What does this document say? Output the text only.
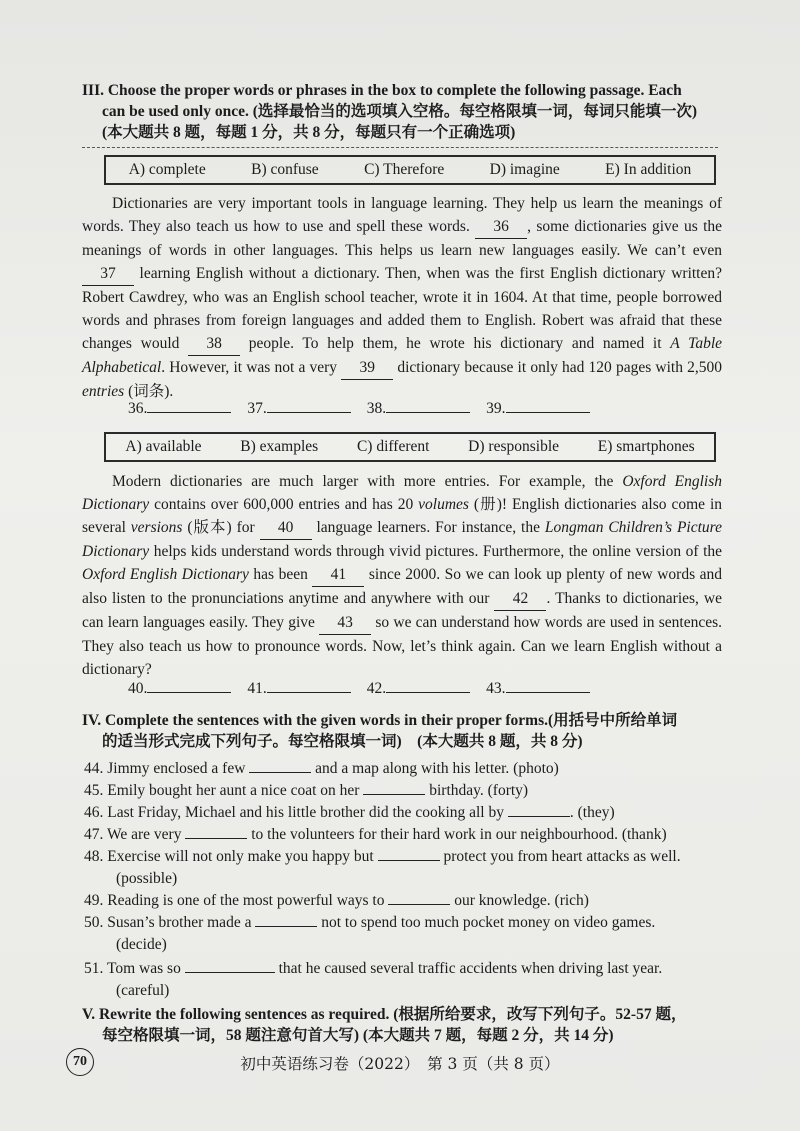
III. Choose the proper words or phrases in the box to complete the following passage. Each
can be used only once. (选择最恰当的选项填入空格。每空格限填一词，每词只能填一次)
(本大题共 8 题，每题 1 分，共 8 分，每题只有一个正确选项)
A) complete	B) confuse	C) Therefore	D) imagine	E) In addition
Dictionaries are very important tools in language learning. They help us learn the meanings of words. They also teach us how to use and spell these words. 36 , some dictionaries give us the meanings of words in other languages. This helps us learn new languages easily. We can’t even 37 learning English without a dictionary. Then, when was the first English dictionary written? Robert Cawdrey, who was an English school teacher, wrote it in 1604. At that time, people borrowed words and phrases from foreign languages and added them to English. Robert was afraid that these changes would 38 people. To help them, he wrote his dictionary and named it A Table Alphabetical. However, it was not a very 39 dictionary because it only had 120 pages with 2,500 entries (词条).
36.	37.	38.	39.
A) available	B) examples	C) different	D) responsible	E) smartphones
Modern dictionaries are much larger with more entries. For example, the Oxford English Dictionary contains over 600,000 entries and has 20 volumes (册)! English dictionaries also come in several versions (版本) for 40 language learners. For instance, the Longman Children’s Picture Dictionary helps kids understand words through vivid pictures. Furthermore, the online version of the Oxford English Dictionary has been 41 since 2000. So we can look up plenty of new words and also listen to the pronunciations anytime and anywhere with our 42 . Thanks to dictionaries, we can learn languages easily. They give 43 so we can understand how words are used in sentences. They also teach us how to pronounce words. Now, let’s think again. Can we learn English without a dictionary?
40.	41.	42.	43.
IV. Complete the sentences with the given words in their proper forms.(用括号中所给单词
的适当形式完成下列句子。每空格限填一词)　(本大题共 8 题，共 8 分)
44. Jimmy enclosed a few	and a map along with his letter. (photo)
45. Emily bought her aunt a nice coat on her	birthday. (forty)
46. Last Friday, Michael and his little brother did the cooking all by	. (they)
47. We are very	to the volunteers for their hard work in our neighbourhood. (thank)
48. Exercise will not only make you happy but	protect you from heart attacks as well.
(possible)
49. Reading is one of the most powerful ways to	our knowledge. (rich)
50. Susan’s brother made a	not to spend too much pocket money on video games.
(decide)
51. Tom was so	that he caused several traffic accidents when driving last year.
(careful)
V. Rewrite the following sentences as required. (根据所给要求，改写下列句子。52-57 题，
每空格限填一词，58 题注意句首大写) (本大题共 7 题，每题 2 分，共 14 分)
70	初中英语练习卷（2022）　第 3 页（共 8 页）
